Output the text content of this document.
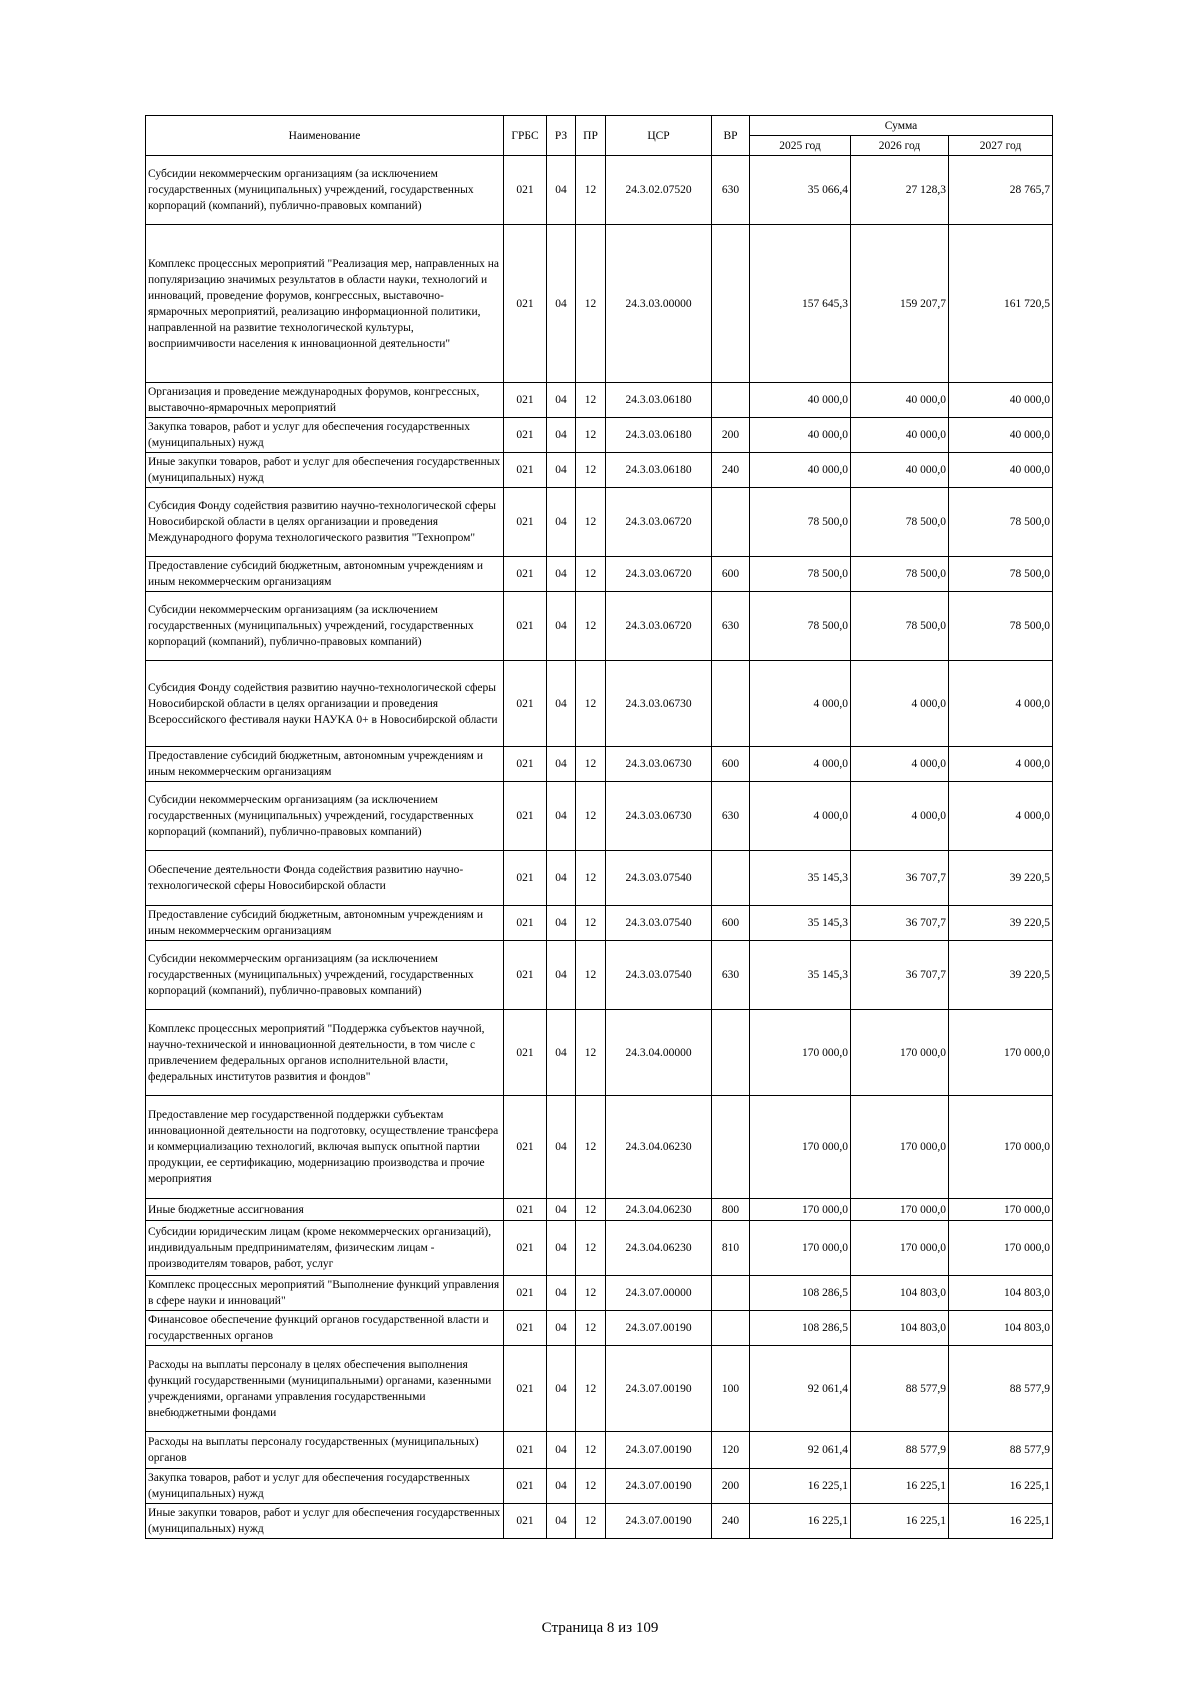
Наименование	ГРБС	РЗ	ПР	ЦСР	ВР	Сумма		
						2025 год	2026 год	2027 год
Субсидии некоммерческим организациям (за исключением государственных (муниципальных) учреждений, государственных корпораций (компаний), публично-правовых компаний)	021	04	12	24.3.02.07520	630	35 066,4	27 128,3	28 765,7
Комплекс процессных мероприятий "Реализация мер, направленных на популяризацию значимых результатов в области науки, технологий и инноваций, проведение форумов, конгрессных, выставочно- ярмарочных мероприятий, реализацию информационной политики, направленной на развитие технологической культуры, восприимчивости населения к инновационной деятельности"	021	04	12	24.3.03.00000		157 645,3	159 207,7	161 720,5
Организация и проведение международных форумов, конгрессных, выставочно-ярмарочных мероприятий	021	04	12	24.3.03.06180		40 000,0	40 000,0	40 000,0
Закупка товаров, работ и услуг для обеспечения государственных (муниципальных) нужд	021	04	12	24.3.03.06180	200	40 000,0	40 000,0	40 000,0
Иные закупки товаров, работ и услуг для обеспечения государственных (муниципальных) нужд	021	04	12	24.3.03.06180	240	40 000,0	40 000,0	40 000,0
Субсидия Фонду содействия развитию научно-технологической сферы Новосибирской области в целях организации и проведения Международного форума технологического развития "Технопром"	021	04	12	24.3.03.06720		78 500,0	78 500,0	78 500,0
Предоставление субсидий бюджетным, автономным учреждениям и иным некоммерческим организациям	021	04	12	24.3.03.06720	600	78 500,0	78 500,0	78 500,0
Субсидии некоммерческим организациям (за исключением государственных (муниципальных) учреждений, государственных корпораций (компаний), публично-правовых компаний)	021	04	12	24.3.03.06720	630	78 500,0	78 500,0	78 500,0
Субсидия Фонду содействия развитию научно-технологической сферы Новосибирской области в целях организации и проведения Всероссийского фестиваля науки НАУКА 0+ в Новосибирской области	021	04	12	24.3.03.06730		4 000,0	4 000,0	4 000,0
Предоставление субсидий бюджетным, автономным учреждениям и иным некоммерческим организациям	021	04	12	24.3.03.06730	600	4 000,0	4 000,0	4 000,0
Субсидии некоммерческим организациям (за исключением государственных (муниципальных) учреждений, государственных корпораций (компаний), публично-правовых компаний)	021	04	12	24.3.03.06730	630	4 000,0	4 000,0	4 000,0
Обеспечение деятельности Фонда содействия развитию научно-технологической сферы Новосибирской области	021	04	12	24.3.03.07540		35 145,3	36 707,7	39 220,5
Предоставление субсидий бюджетным, автономным учреждениям и иным некоммерческим организациям	021	04	12	24.3.03.07540	600	35 145,3	36 707,7	39 220,5
Субсидии некоммерческим организациям (за исключением государственных (муниципальных) учреждений, государственных корпораций (компаний), публично-правовых компаний)	021	04	12	24.3.03.07540	630	35 145,3	36 707,7	39 220,5
Комплекс процессных мероприятий "Поддержка субъектов научной, научно-технической и инновационной деятельности, в том числе с привлечением федеральных органов исполнительной власти, федеральных институтов развития и фондов"	021	04	12	24.3.04.00000		170 000,0	170 000,0	170 000,0
Предоставление мер государственной поддержки субъектам инновационной деятельности на подготовку, осуществление трансфера и коммерциализацию технологий, включая выпуск опытной партии продукции, ее сертификацию, модернизацию производства и прочие мероприятия	021	04	12	24.3.04.06230		170 000,0	170 000,0	170 000,0
Иные бюджетные ассигнования	021	04	12	24.3.04.06230	800	170 000,0	170 000,0	170 000,0
Субсидии юридическим лицам (кроме некоммерческих организаций), индивидуальным предпринимателям, физическим лицам - производителям товаров, работ, услуг	021	04	12	24.3.04.06230	810	170 000,0	170 000,0	170 000,0
Комплекс процессных мероприятий "Выполнение функций управления в сфере науки и инноваций"	021	04	12	24.3.07.00000		108 286,5	104 803,0	104 803,0
Финансовое обеспечение функций органов государственной власти и государственных органов	021	04	12	24.3.07.00190		108 286,5	104 803,0	104 803,0
Расходы на выплаты персоналу в целях обеспечения выполнения функций государственными (муниципальными) органами, казенными учреждениями, органами управления государственными внебюджетными фондами	021	04	12	24.3.07.00190	100	92 061,4	88 577,9	88 577,9
Расходы на выплаты персоналу государственных (муниципальных) органов	021	04	12	24.3.07.00190	120	92 061,4	88 577,9	88 577,9
Закупка товаров, работ и услуг для обеспечения государственных (муниципальных) нужд	021	04	12	24.3.07.00190	200	16 225,1	16 225,1	16 225,1
Иные закупки товаров, работ и услуг для обеспечения государственных (муниципальных) нужд	021	04	12	24.3.07.00190	240	16 225,1	16 225,1	16 225,1
Страница 8 из 109
